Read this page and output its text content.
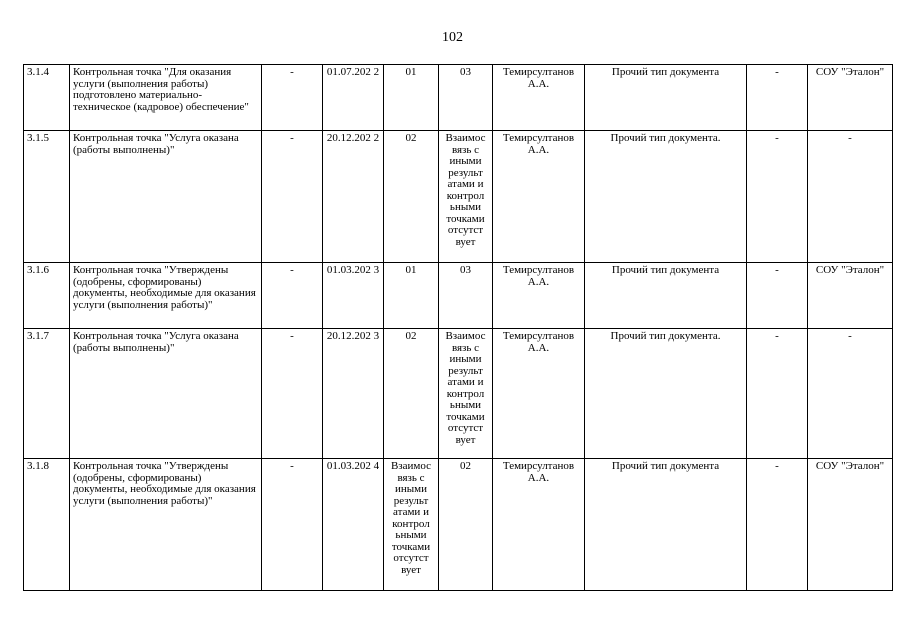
102
3.1.4	Контрольная точка "Для оказания услуги (выполнения работы) подготовлено материально-техническое (кадровое) обеспечение"	-	01.07.202 2	01	03	Темирсултанов А.А.	Прочий тип документа	-	СОУ "Эталон"
3.1.5	Контрольная точка "Услуга оказана (работы выполнены)"	-	20.12.202 2	02	Взаимос вязь с иными результ атами и контрол ьными точками отсутст вует	Темирсултанов А.А.	Прочий тип документа.	-	-
3.1.6	Контрольная точка "Утверждены (одобрены, сформированы) документы, необходимые для оказания услуги (выполнения работы)"	-	01.03.202 3	01	03	Темирсултанов А.А.	Прочий тип документа	-	СОУ "Эталон"
3.1.7	Контрольная точка "Услуга оказана (работы выполнены)"	-	20.12.202 3	02	Взаимос вязь с иными результ атами и контрол ьными точками отсутст вует	Темирсултанов А.А.	Прочий тип документа.	-	-
3.1.8	Контрольная точка "Утверждены (одобрены, сформированы) документы, необходимые для оказания услуги (выполнения работы)"	-	01.03.202 4	Взаимос вязь с иными результ атами и контрол ьными точками отсутст вует	02	Темирсултанов А.А.	Прочий тип документа	-	СОУ "Эталон"
